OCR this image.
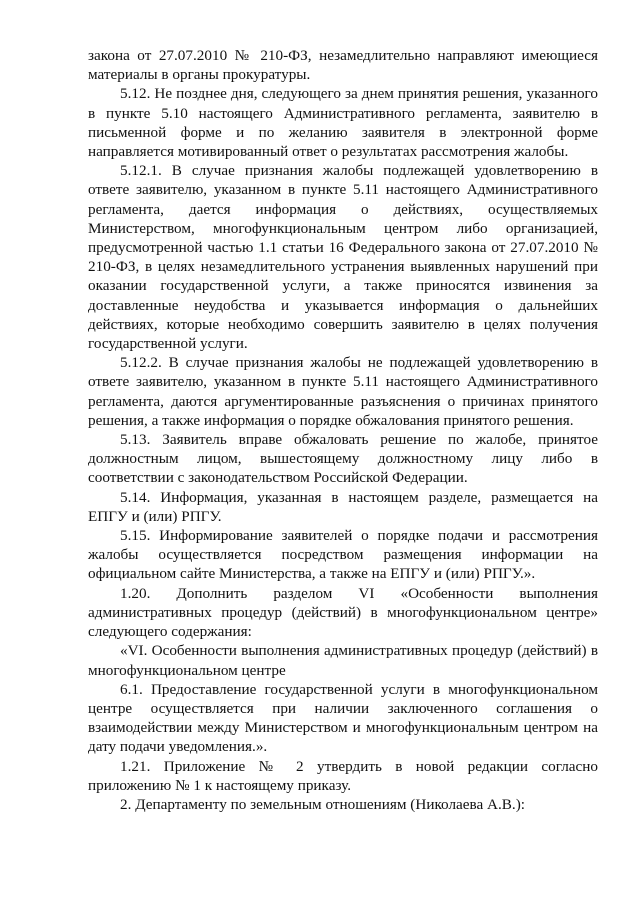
закона от 27.07.2010 № 210-ФЗ, незамедлительно направляют имеющиеся материалы в органы прокуратуры.

5.12. Не позднее дня, следующего за днем принятия решения, указанного в пункте 5.10 настоящего Административного регламента, заявителю в письменной форме и по желанию заявителя в электронной форме направляется мотивированный ответ о результатах рассмотрения жалобы.

5.12.1. В случае признания жалобы подлежащей удовлетворению в ответе заявителю, указанном в пункте 5.11 настоящего Административного регламента, дается информация о действиях, осуществляемых Министерством, многофункциональным центром либо организацией, предусмотренной частью 1.1 статьи 16 Федерального закона от 27.07.2010 № 210-ФЗ, в целях незамедлительного устранения выявленных нарушений при оказании государственной услуги, а также приносятся извинения за доставленные неудобства и указывается информация о дальнейших действиях, которые необходимо совершить заявителю в целях получения государственной услуги.

5.12.2. В случае признания жалобы не подлежащей удовлетворению в ответе заявителю, указанном в пункте 5.11 настоящего Административного регламента, даются аргументированные разъяснения о причинах принятого решения, а также информация о порядке обжалования принятого решения.

5.13. Заявитель вправе обжаловать решение по жалобе, принятое должностным лицом, вышестоящему должностному лицу либо в соответствии с законодательством Российской Федерации.

5.14. Информация, указанная в настоящем разделе, размещается на ЕПГУ и (или) РПГУ.

5.15. Информирование заявителей о порядке подачи и рассмотрения жалобы осуществляется посредством размещения информации на официальном сайте Министерства, а также на ЕПГУ и (или) РПГУ.».

1.20. Дополнить разделом VI «Особенности выполнения административных процедур (действий) в многофункциональном центре» следующего содержания:

«VI. Особенности выполнения административных процедур (действий) в многофункциональном центре

6.1. Предоставление государственной услуги в многофункциональном центре осуществляется при наличии заключенного соглашения о взаимодействии между Министерством и многофункциональным центром на дату подачи уведомления.».

1.21. Приложение № 2 утвердить в новой редакции согласно приложению № 1 к настоящему приказу.

2. Департаменту по земельным отношениям (Николаева А.В.):
